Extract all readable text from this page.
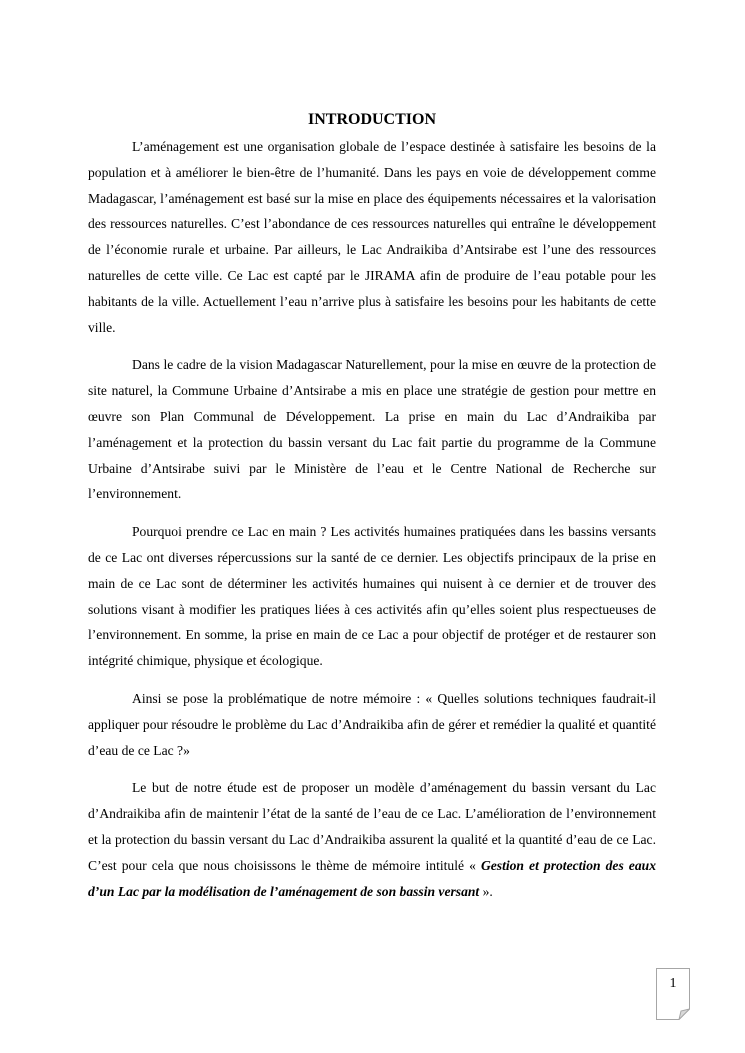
INTRODUCTION

L’aménagement est une organisation globale de l’espace destinée à satisfaire les besoins de la population et à améliorer le bien-être de l’humanité. Dans les pays en voie de développement comme Madagascar, l’aménagement est basé sur la mise en place des équipements nécessaires et la valorisation des ressources naturelles. C’est l’abondance de ces ressources naturelles qui entraîne le développement de l’économie rurale et urbaine. Par ailleurs, le Lac Andraikiba d’Antsirabe est l’une des ressources naturelles de cette ville. Ce Lac est capté par le JIRAMA afin de produire de l’eau potable pour les habitants de la ville. Actuellement l’eau n’arrive plus à satisfaire les besoins pour les habitants de cette ville.

Dans le cadre de la vision Madagascar Naturellement, pour la mise en œuvre de la protection de site naturel, la Commune Urbaine d’Antsirabe a mis en place une stratégie de gestion pour mettre en œuvre son Plan Communal de Développement. La prise en main du Lac d’Andraikiba par l’aménagement et la protection du bassin versant du Lac fait partie du programme de la Commune Urbaine d’Antsirabe suivi par le Ministère de l’eau et le Centre National de Recherche sur l’environnement.

Pourquoi prendre ce Lac en main ? Les activités humaines pratiquées dans les bassins versants de ce Lac ont diverses répercussions sur la santé de ce dernier. Les objectifs principaux de la prise en main de ce Lac sont de déterminer les activités humaines qui nuisent à ce dernier et de trouver des solutions visant à modifier les pratiques liées à ces activités afin qu’elles soient plus respectueuses de l’environnement. En somme, la prise en main de ce Lac a pour objectif de protéger et de restaurer son intégrité chimique, physique et écologique.

Ainsi se pose la problématique de notre mémoire : « Quelles solutions techniques faudrait-il appliquer pour résoudre le problème du Lac d’Andraikiba afin de gérer et remédier la qualité et quantité d’eau de ce Lac ?»

Le but de notre étude est de proposer un modèle d’aménagement du bassin versant du Lac d’Andraikiba afin de maintenir l’état de la santé de l’eau de ce Lac. L’amélioration de l’environnement et la protection du bassin versant du Lac d’Andraikiba assurent la qualité et la quantité d’eau de ce Lac. C’est pour cela que nous choisissons le thème de mémoire intitulé « Gestion et protection des eaux d’un Lac par la modélisation de l’aménagement de son bassin versant ».

1
